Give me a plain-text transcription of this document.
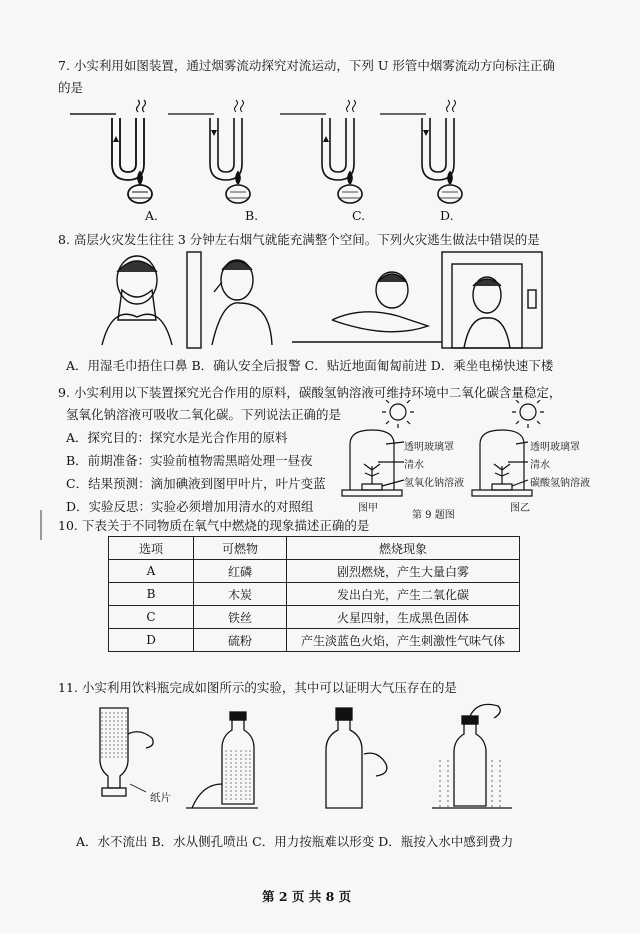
7. 小实利用如图装置，通过烟雾流动探究对流运动，下列 U 形管中烟雾流动方向标注正确
的是
A.	B.	C.	D.
8. 高层火灾发生往往 3 分钟左右烟气就能充满整个空间。下列火灾逃生做法中错误的是
A．用湿毛巾捂住口鼻 B．确认安全后报警 C．贴近地面匍匐前进 D．乘坐电梯快速下楼
9. 小实利用以下装置探究光合作用的原料，碳酸氢钠溶液可维持环境中二氧化碳含量稳定，
氢氧化钠溶液可吸收二氧化碳。下列说法正确的是
A．探究目的：探究水是光合作用的原料
B．前期准备：实验前植物需黑暗处理一昼夜
C．结果预测：滴加碘液到图甲叶片，叶片变蓝
D．实验反思：实验必须增加用清水的对照组
透明玻璃罩
清水
氢氧化钠溶液
透明玻璃罩
清水
碳酸氢钠溶液
图甲
第 9 题图
图乙
10. 下表关于不同物质在氧气中燃烧的现象描述正确的是
选项	可燃物	燃烧现象
A	红磷	剧烈燃烧，产生大量白雾
B	木炭	发出白光，产生二氧化碳
C	铁丝	火星四射，生成黑色固体
D	硫粉	产生淡蓝色火焰，产生刺激性气味气体
11. 小实利用饮料瓶完成如图所示的实验，其中可以证明大气压存在的是
纸片
A．水不流出 B．水从侧孔喷出 C．用力按瓶难以形变 D．瓶按入水中感到费力
第 2 页 共 8 页
